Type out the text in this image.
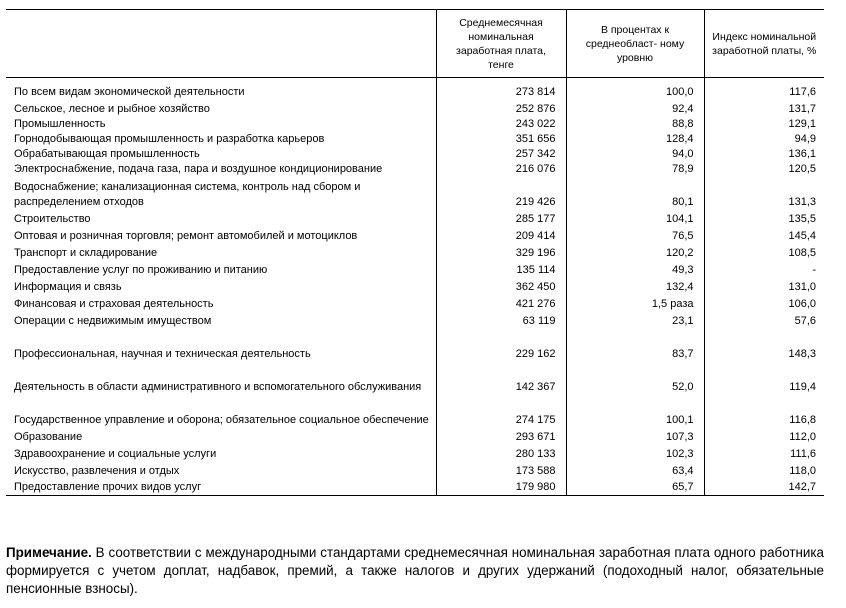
	Среднемесячная номинальная заработная плата, тенге	В процентах к среднеобласт- ному уровню	Индекс номинальной заработной платы, %
По всем видам экономической деятельности	273 814	100,0	117,6
Сельское, лесное и рыбное хозяйство	252 876	92,4	131,7
Промышленность	243 022	88,8	129,1
Горнодобывающая промышленность и разработка карьеров	351 656	128,4	94,9
Обрабатывающая промышленность	257 342	94,0	136,1
Электроснабжение, подача газа, пара и воздушное кондиционирование	216 076	78,9	120,5
Водоснабжение; канализационная система, контроль над сбором и распределением отходов	219 426	80,1	131,3
Строительство	285 177	104,1	135,5
Оптовая и розничная торговля; ремонт автомобилей и мотоциклов	209 414	76,5	145,4
Транспорт и складирование	329 196	120,2	108,5
Предоставление услуг по проживанию и питанию	135 114	49,3	-
Информация и связь	362 450	132,4	131,0
Финансовая и страховая деятельность	421 276	1,5 раза	106,0
Операции с недвижимым имуществом	63 119	23,1	57,6
Профессиональная, научная и техническая деятельность	229 162	83,7	148,3
Деятельность в области административного и вспомогательного обслуживания	142 367	52,0	119,4
Государственное управление и оборона; обязательное социальное обеспечение	274 175	100,1	116,8
Образование	293 671	107,3	112,0
Здравоохранение и социальные услуги	280 133	102,3	111,6
Искусство, развлечения и отдых	173 588	63,4	118,0
Предоставление прочих видов услуг	179 980	65,7	142,7

Примечание. В соответствии с международными стандартами среднемесячная номинальная заработная плата одного работника формируется с учетом доплат, надбавок, премий, а также налогов и других удержаний (подоходный налог, обязательные пенсионные взносы).
